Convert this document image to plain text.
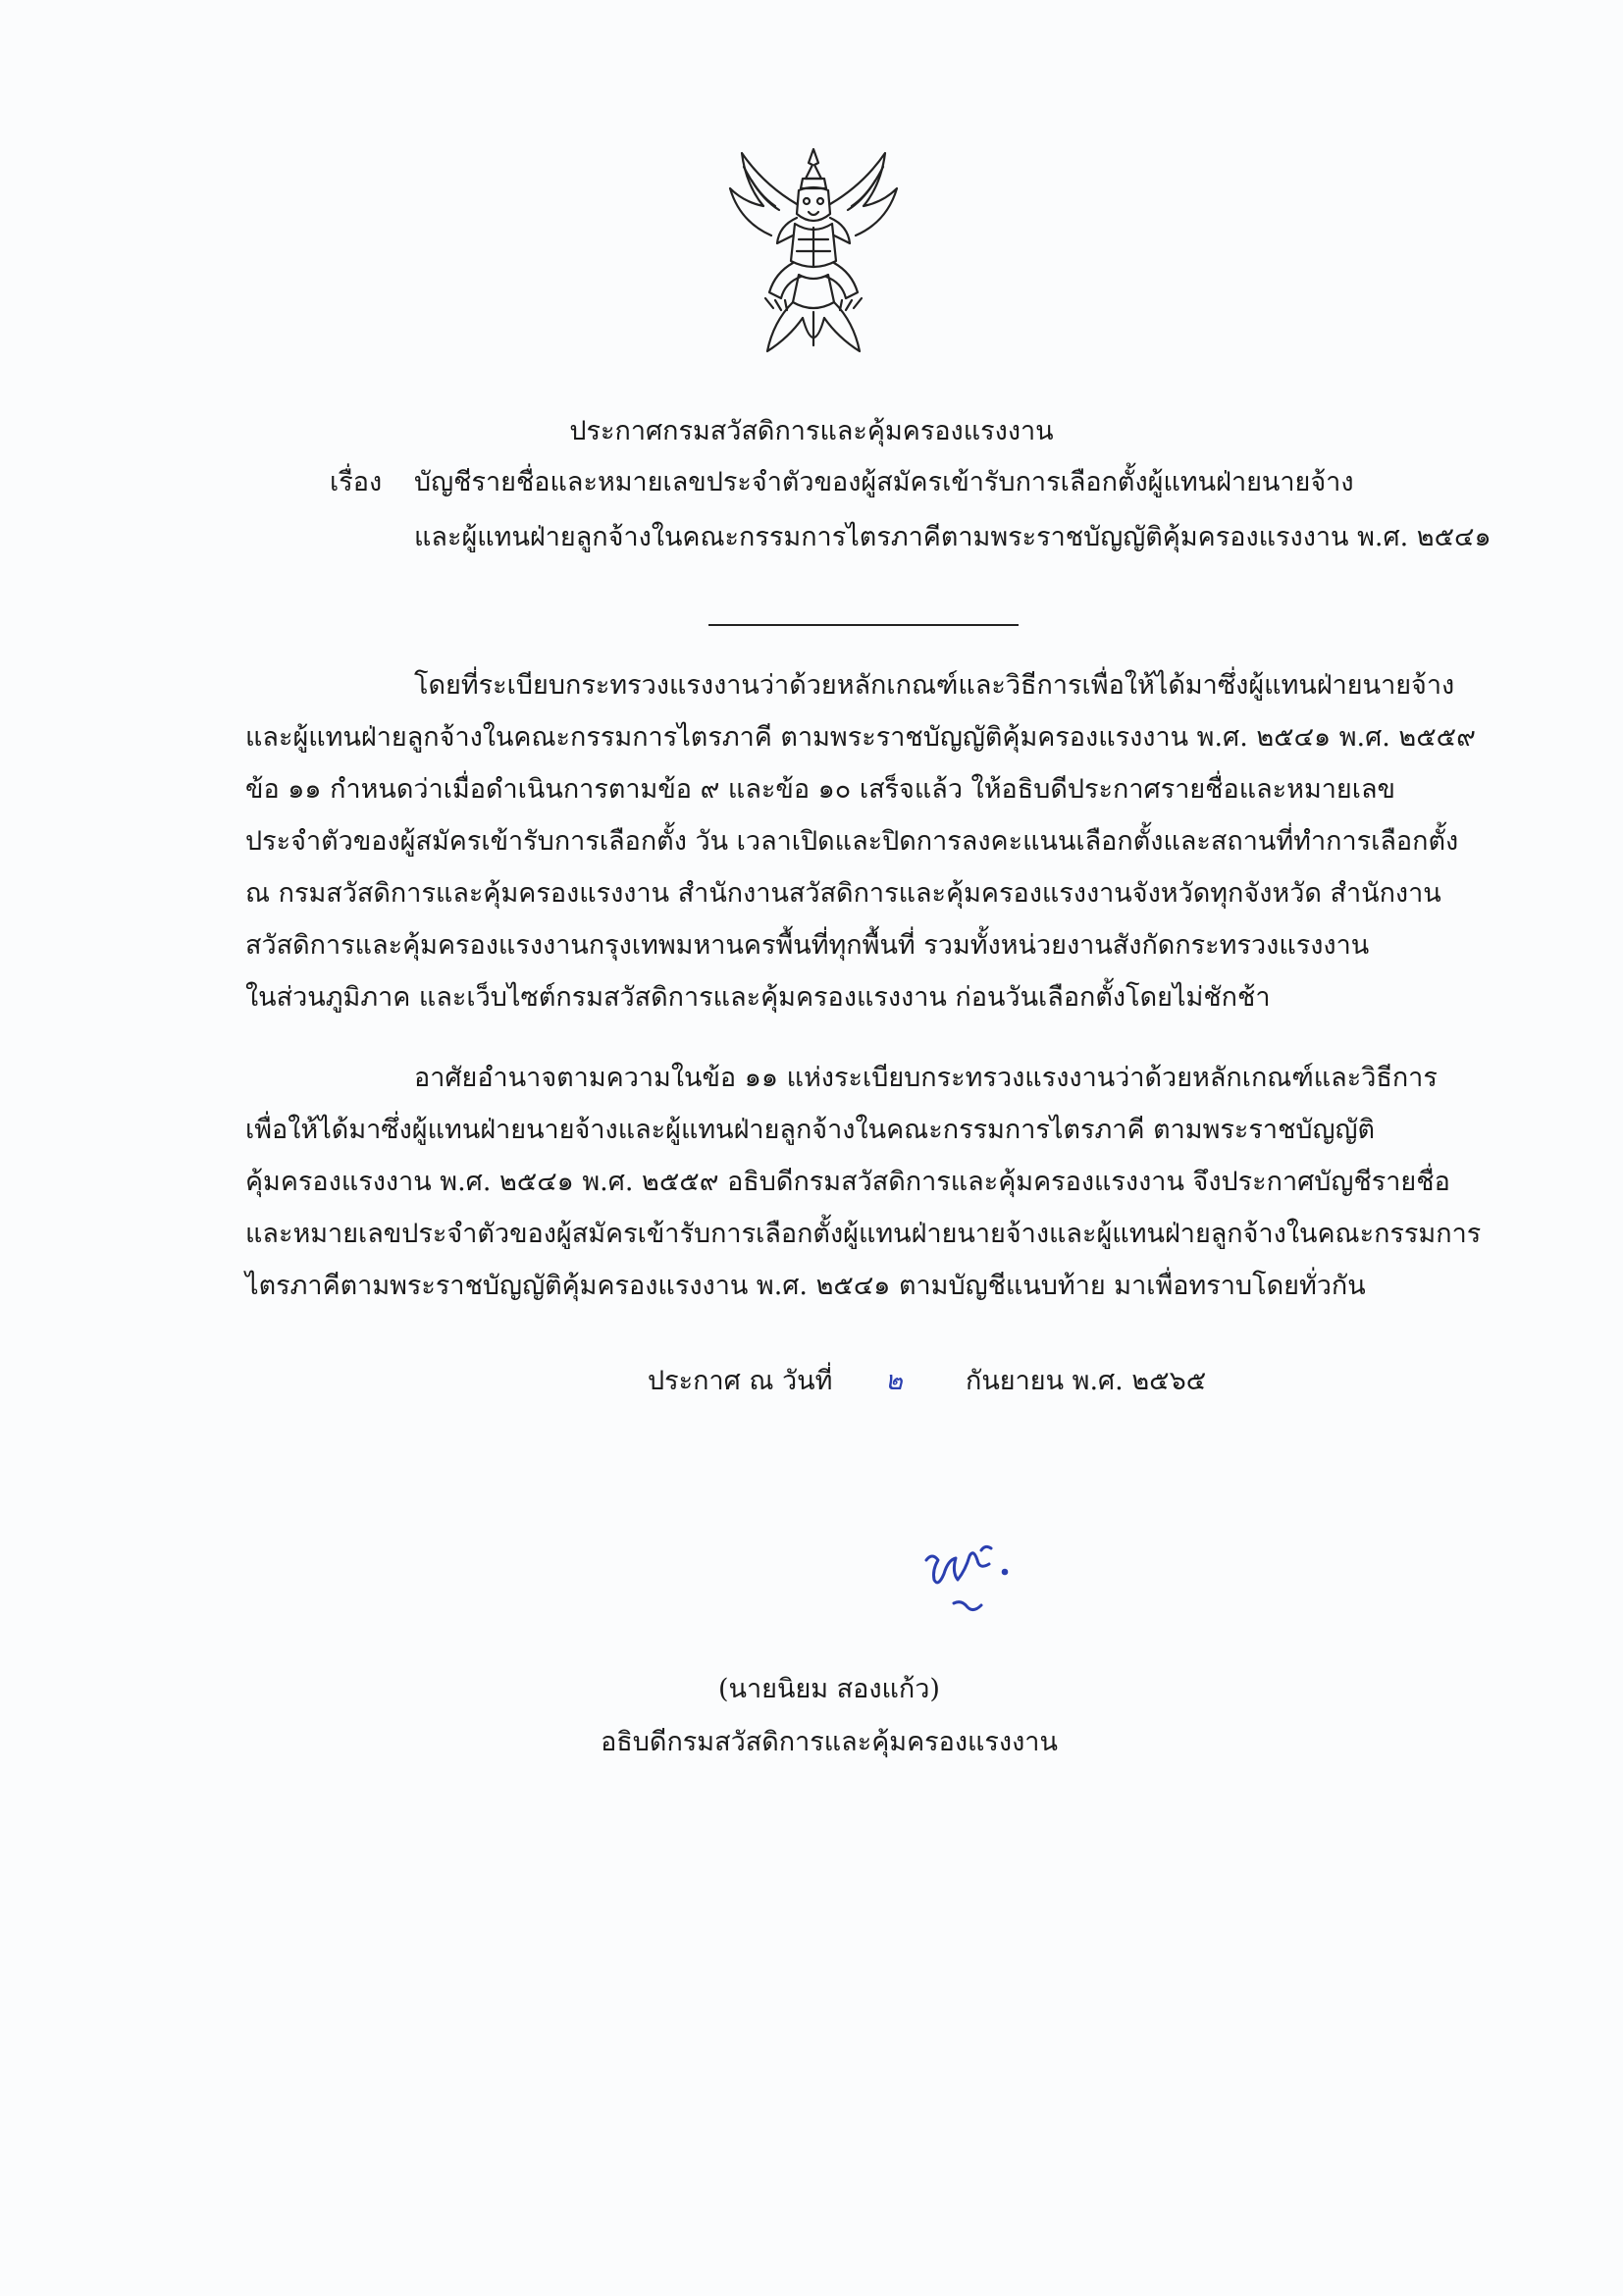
ประกาศกรมสวัสดิการและคุ้มครองแรงงาน
เรื่อง บัญชีรายชื่อและหมายเลขประจำตัวของผู้สมัครเข้ารับการเลือกตั้งผู้แทนฝ่ายนายจ้าง
และผู้แทนฝ่ายลูกจ้างในคณะกรรมการไตรภาคีตามพระราชบัญญัติคุ้มครองแรงงาน พ.ศ. ๒๕๔๑
โดยที่ระเบียบกระทรวงแรงงานว่าด้วยหลักเกณฑ์และวิธีการเพื่อให้ได้มาซึ่งผู้แทนฝ่ายนายจ้าง
และผู้แทนฝ่ายลูกจ้างในคณะกรรมการไตรภาคี ตามพระราชบัญญัติคุ้มครองแรงงาน พ.ศ. ๒๕๔๑ พ.ศ. ๒๕๕๙
ข้อ ๑๑ กำหนดว่าเมื่อดำเนินการตามข้อ ๙ และข้อ ๑๐ เสร็จแล้ว ให้อธิบดีประกาศรายชื่อและหมายเลข
ประจำตัวของผู้สมัครเข้ารับการเลือกตั้ง วัน เวลาเปิดและปิดการลงคะแนนเลือกตั้งและสถานที่ทำการเลือกตั้ง
ณ กรมสวัสดิการและคุ้มครองแรงงาน สำนักงานสวัสดิการและคุ้มครองแรงงานจังหวัดทุกจังหวัด สำนักงาน
สวัสดิการและคุ้มครองแรงงานกรุงเทพมหานครพื้นที่ทุกพื้นที่ รวมทั้งหน่วยงานสังกัดกระทรวงแรงงาน
ในส่วนภูมิภาค และเว็บไซต์กรมสวัสดิการและคุ้มครองแรงงาน ก่อนวันเลือกตั้งโดยไม่ชักช้า
อาศัยอำนาจตามความในข้อ ๑๑ แห่งระเบียบกระทรวงแรงงานว่าด้วยหลักเกณฑ์และวิธีการ
เพื่อให้ได้มาซึ่งผู้แทนฝ่ายนายจ้างและผู้แทนฝ่ายลูกจ้างในคณะกรรมการไตรภาคี ตามพระราชบัญญัติ
คุ้มครองแรงงาน พ.ศ. ๒๕๔๑ พ.ศ. ๒๕๕๙ อธิบดีกรมสวัสดิการและคุ้มครองแรงงาน จึงประกาศบัญชีรายชื่อ
และหมายเลขประจำตัวของผู้สมัครเข้ารับการเลือกตั้งผู้แทนฝ่ายนายจ้างและผู้แทนฝ่ายลูกจ้างในคณะกรรมการ
ไตรภาคีตามพระราชบัญญัติคุ้มครองแรงงาน พ.ศ. ๒๕๔๑ ตามบัญชีแนบท้าย มาเพื่อทราบโดยทั่วกัน
ประกาศ ณ วันที่ ๒ กันยายน พ.ศ. ๒๕๖๕
(นายนิยม สองแก้ว)
อธิบดีกรมสวัสดิการและคุ้มครองแรงงาน
